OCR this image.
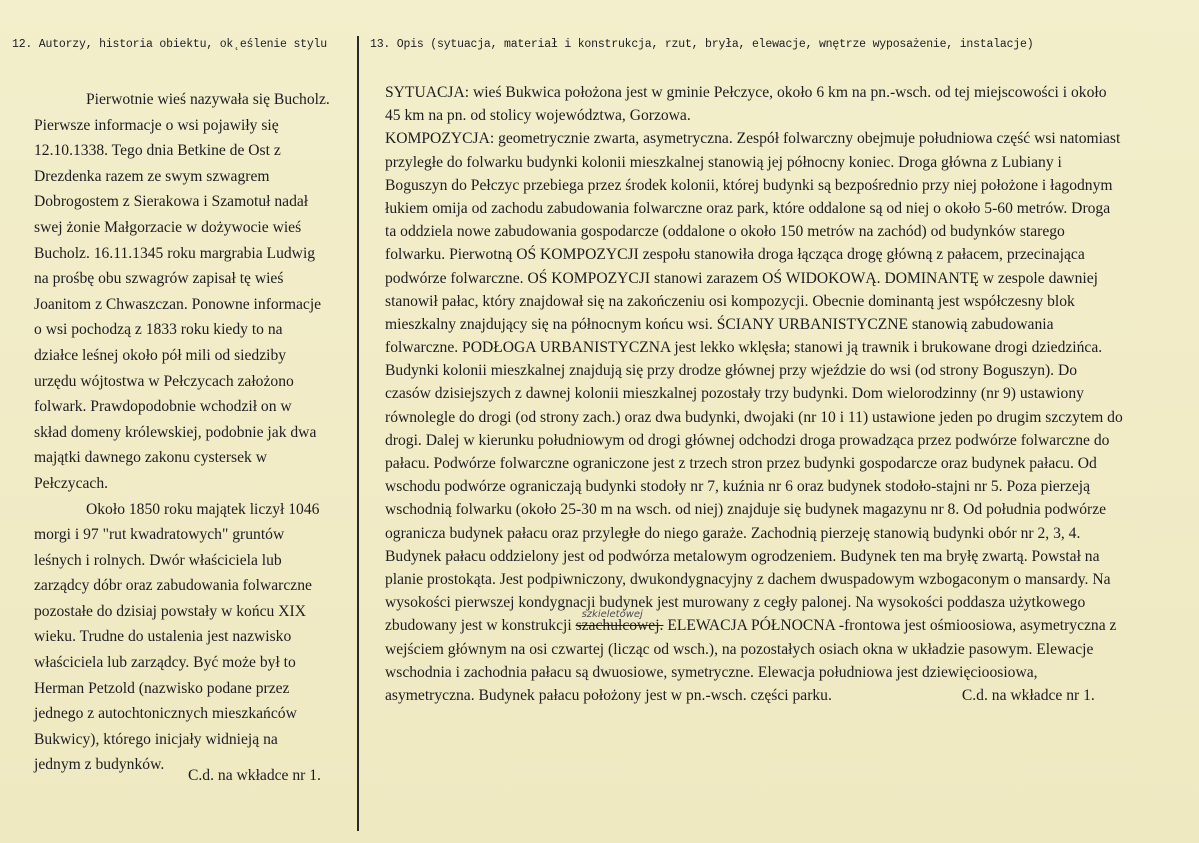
12. Autorzy, historia obiektu, ok˛eślenie stylu	13. Opis (sytuacja, materiał i konstrukcja, rzut, bryła, elewacje, wnętrze wyposażenie, instalacje)
Pierwotnie wieś nazywała się Bucholz.
Pierwsze informacje o wsi pojawiły się
12.10.1338. Tego dnia Betkine de Ost z
Drezdenka razem ze swym szwagrem
Dobrogostem z Sierakowa i Szamotuł nadał
swej żonie Małgorzacie w dożywocie wieś
Bucholz. 16.11.1345 roku margrabia Ludwig
na prośbę obu szwagrów zapisał tę wieś
Joanitom z Chwaszczan. Ponowne informacje
o wsi pochodzą z 1833 roku kiedy to na
działce leśnej około pół mili od siedziby
urzędu wójtostwa w Pełczycach założono
folwark. Prawdopodobnie wchodził on w
skład domeny królewskiej, podobnie jak dwa
majątki dawnego zakonu cystersek w
Pełczycach.
Około 1850 roku majątek liczył 1046
morgi i 97 "rut kwadratowych" gruntów
leśnych i rolnych. Dwór właściciela lub
zarządcy dóbr oraz zabudowania folwarczne
pozostałe do dzisiaj powstały w końcu XIX
wieku. Trudne do ustalenia jest nazwisko
właściciela lub zarządcy. Być może był to
Herman Petzold (nazwisko podane przez
jednego z autochtonicznych mieszkańców
Bukwicy), którego inicjały widnieją na
jednym z budynków.
C.d. na wkładce nr 1.
SYTUACJA: wieś Bukwica położona jest w gminie Pełczyce, około 6 km na pn.-wsch. od tej miejscowości i około
45 km na pn. od stolicy województwa, Gorzowa.
KOMPOZYCJA: geometrycznie zwarta, asymetryczna. Zespół folwarczny obejmuje południowa część wsi natomiast
przyległe do folwarku budynki kolonii mieszkalnej stanowią jej północny koniec. Droga główna z Lubiany i
Boguszyn do Pełczyc przebiega przez środek kolonii, której budynki są bezpośrednio przy niej położone i łagodnym
łukiem omija od zachodu zabudowania folwarczne oraz park, które oddalone są od niej o około 5-60 metrów. Droga
ta oddziela nowe zabudowania gospodarcze (oddalone o około 150 metrów na zachód) od budynków starego
folwarku. Pierwotną OŚ KOMPOZYCJI zespołu stanowiła droga łącząca drogę główną z pałacem, przecinająca
podwórze folwarczne. OŚ KOMPOZYCJI stanowi zarazem OŚ WIDOKOWĄ. DOMINANTĘ w zespole dawniej
stanowił pałac, który znajdował się na zakończeniu osi kompozycji. Obecnie dominantą jest współczesny blok
mieszkalny znajdujący się na północnym końcu wsi. ŚCIANY URBANISTYCZNE stanowią zabudowania
folwarczne. PODŁOGA URBANISTYCZNA jest lekko wklęsła; stanowi ją trawnik i brukowane drogi dziedzińca.
Budynki kolonii mieszkalnej znajdują się przy drodze głównej przy wjeździe do wsi (od strony Boguszyn). Do
czasów dzisiejszych z dawnej kolonii mieszkalnej pozostały trzy budynki. Dom wielorodzinny (nr 9) ustawiony
równolegle do drogi (od strony zach.) oraz dwa budynki, dwojaki (nr 10 i 11) ustawione jeden po drugim szczytem do
drogi. Dalej w kierunku południowym od drogi głównej odchodzi droga prowadząca przez podwórze folwarczne do
pałacu. Podwórze folwarczne ograniczone jest z trzech stron przez budynki gospodarcze oraz budynek pałacu. Od
wschodu podwórze ograniczają budynki stodoły nr 7, kuźnia nr 6 oraz budynek stodoło-stajni nr 5. Poza pierzeją
wschodnią folwarku (około 25-30 m na wsch. od niej) znajduje się budynek magazynu nr 8. Od południa podwórze
ogranicza budynek pałacu oraz przyległe do niego garaże. Zachodnią pierzeję stanowią budynki obór nr 2, 3, 4.
Budynek pałacu oddzielony jest od podwórza metalowym ogrodzeniem. Budynek ten ma bryłę zwartą. Powstał na
planie prostokąta. Jest podpiwniczony, dwukondygnacyjny z dachem dwuspadowym wzbogaconym o mansardy. Na
wysokości pierwszej kondygnacji budynek jest murowany z cegły palonej. Na wysokości poddasza użytkowego
zbudowany jest w konstrukcji szachulcowej.
szkieletowej
ELEWACJA PÓŁNOCNA -frontowa jest ośmioosiowa, asymetryczna z
wejściem głównym na osi czwartej (licząc od wsch.), na pozostałych osiach okna w układzie pasowym. Elewacje
wschodnia i zachodnia pałacu są dwuosiowe, symetryczne. Elewacja południowa jest dziewięcioosiowa,
asymetryczna. Budynek pałacu położony jest w pn.-wsch. części parku.	C.d. na wkładce nr 1.
